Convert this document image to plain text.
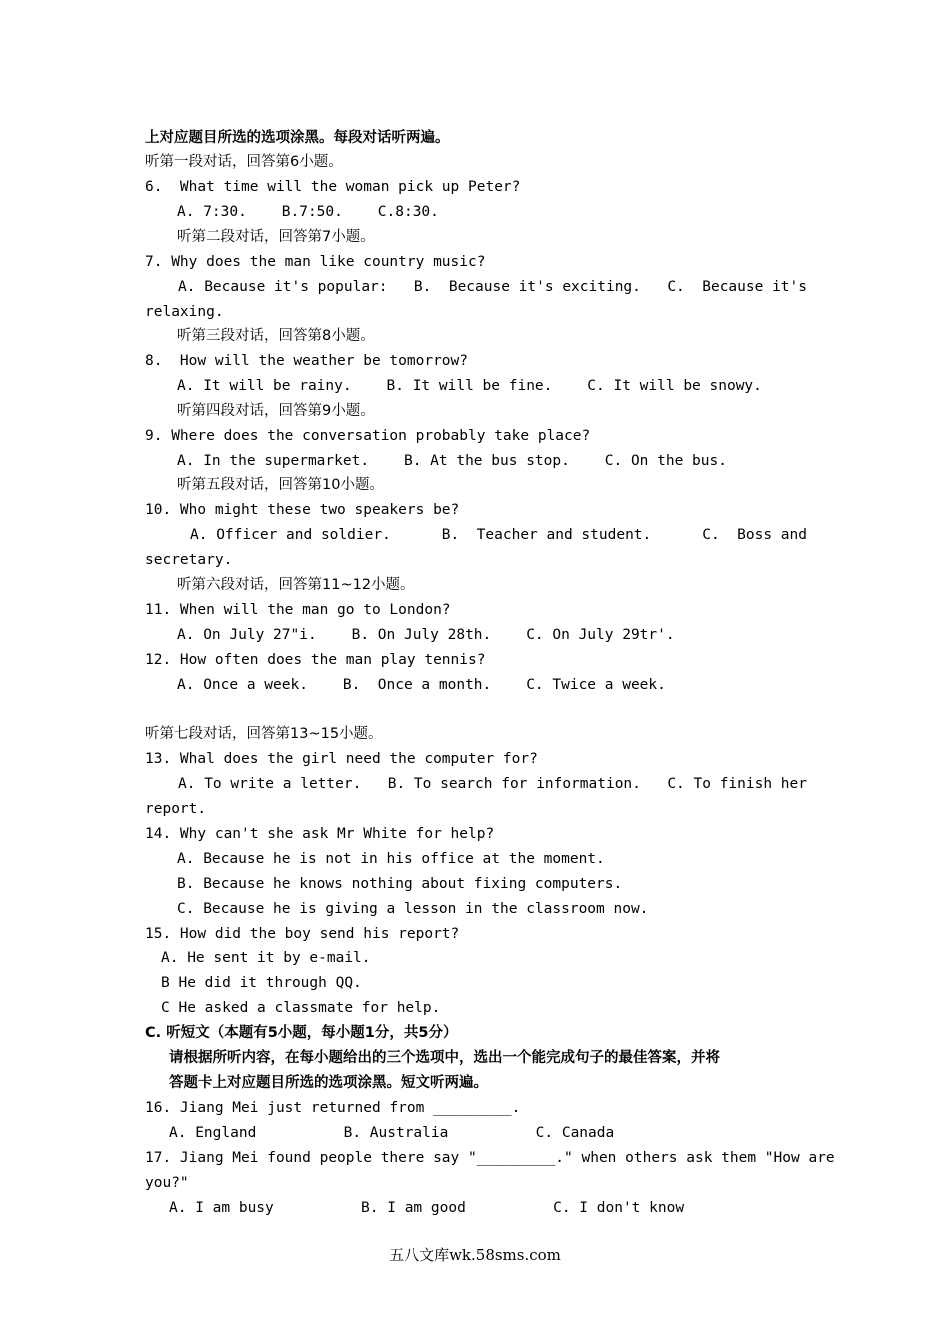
上对应题目所选的选项涂黑。每段对话听两遍。
听第一段对话，回答第6小题。
6.  What time will the woman pick up Peter?
A. 7:30.    B.7:50.    C.8:30.
听第二段对话，回答第7小题。
7. Why does the man like country music?
A. Because it's popular: B.  Because it's exciting. C.  Because it's
relaxing.
听第三段对话，回答第8小题。
8.  How will the weather be tomorrow?
A. It will be rainy.    B. It will be fine.    C. It will be snowy.
听第四段对话，回答第9小题。
9. Where does the conversation probably take place?
A. In the supermarket.    B. At the bus stop.    C. On the bus.
听第五段对话，回答第10小题。
10. Who might these two speakers be?
A. Officer and soldier.	B.  Teacher and student.	C.  Boss and
secretary.
听第六段对话，回答第11~12小题。
11. When will the man go to London?
A. On July 27"i.    B. On July 28th.    C. On July 29tr'.
12. How often does the man play tennis?
A. Once a week.    B.  Once a month.    C. Twice a week.
听第七段对话，回答第13~15小题。
13. Whal does the girl need the computer for?
A. To write a letter. B. To search for information. C. To finish her
report.
14. Why can't she ask Mr White for help?
A. Because he is not in his office at the moment.
B. Because he knows nothing about fixing computers.
C. Because he is giving a lesson in the classroom now.
15. How did the boy send his report?
A. He sent it by e-mail.
B He did it through QQ.
C He asked a classmate for help.
C. 听短文（本题有5小题，每小题1分，共5分）
请根据所听内容，在每小题给出的三个选项中，选出一个能完成句子的最佳答案，并将
答题卡上对应题目所选的选项涂黑。短文听两遍。
16. Jiang Mei just returned from _________.
A. England          B. Australia          C. Canada
17. Jiang Mei found people there say "_________." when others ask them "How are
you?"
A. I am busy          B. I am good          C. I don't know
五八文库wk.58sms.com
